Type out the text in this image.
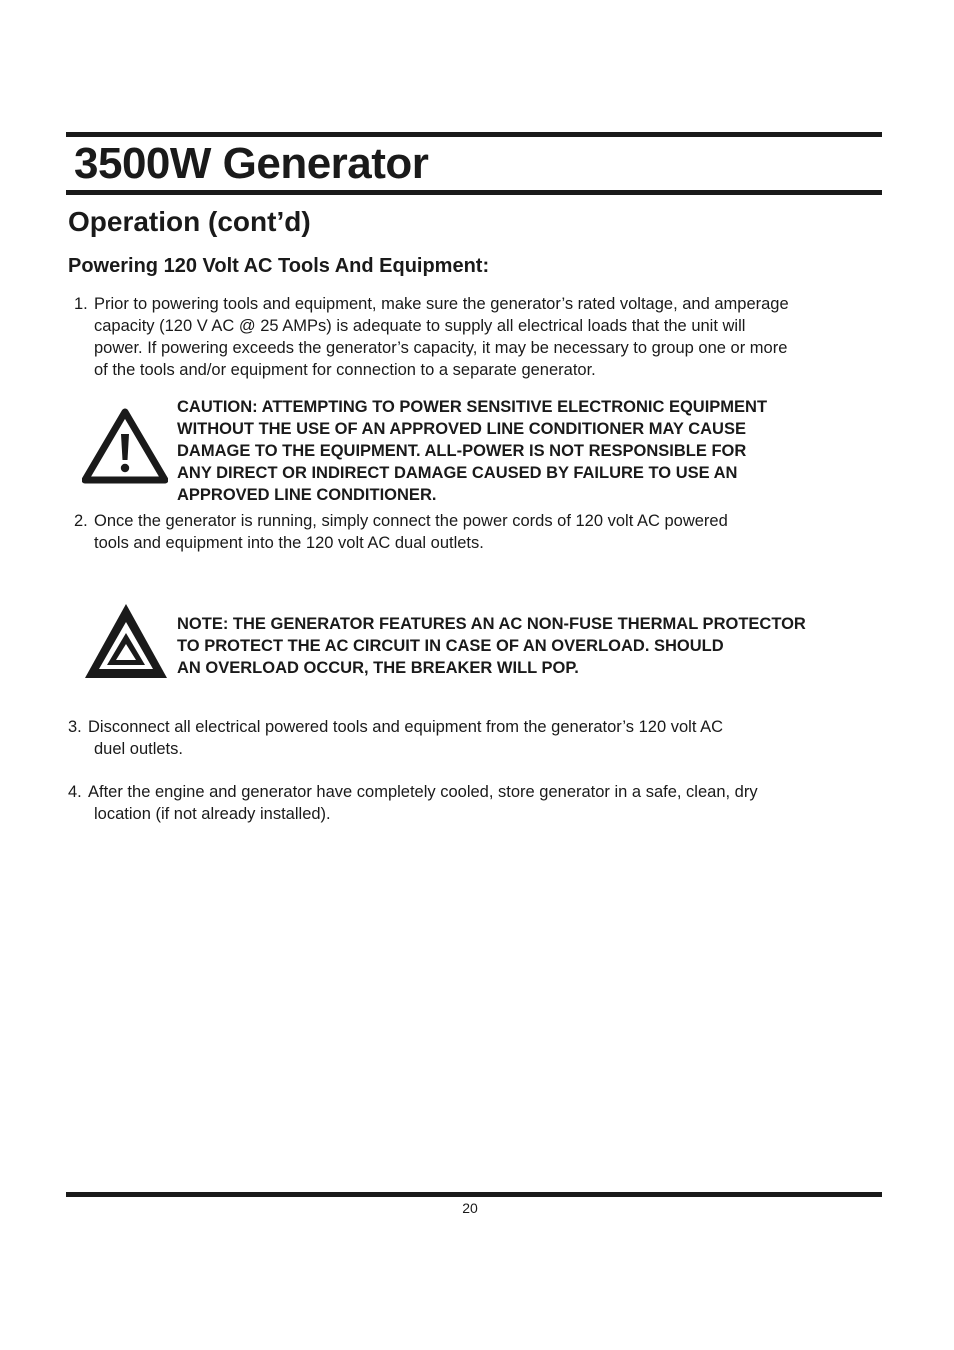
3500W Generator
Operation (cont’d)
Powering 120 Volt AC Tools And Equipment:
1. Prior to powering tools and equipment, make sure the generator’s rated voltage, and amperage
capacity (120 V AC @ 25 AMPs) is adequate to supply all electrical loads that the unit will
power. If powering exceeds the generator’s capacity, it may be necessary to group one or more
of the tools and/or equipment for connection to a separate generator.
CAUTION: ATTEMPTING TO POWER SENSITIVE ELECTRONIC EQUIPMENT
WITHOUT THE USE OF AN APPROVED LINE CONDITIONER MAY CAUSE
DAMAGE TO THE EQUIPMENT. ALL-POWER IS NOT RESPONSIBLE FOR
ANY DIRECT OR INDIRECT DAMAGE CAUSED BY FAILURE TO USE AN
APPROVED LINE CONDITIONER.
2. Once the generator is running, simply connect the power cords of 120 volt AC powered
tools and equipment into the 120 volt AC dual outlets.
NOTE: THE GENERATOR FEATURES AN AC NON-FUSE THERMAL PROTECTOR
TO PROTECT THE AC CIRCUIT IN CASE OF AN OVERLOAD. SHOULD
AN OVERLOAD OCCUR, THE BREAKER WILL POP.
3. Disconnect all electrical powered tools and equipment from the generator’s 120 volt AC
duel outlets.
4. After the engine and generator have completely cooled, store generator in a safe, clean, dry
location (if not already installed).
20
